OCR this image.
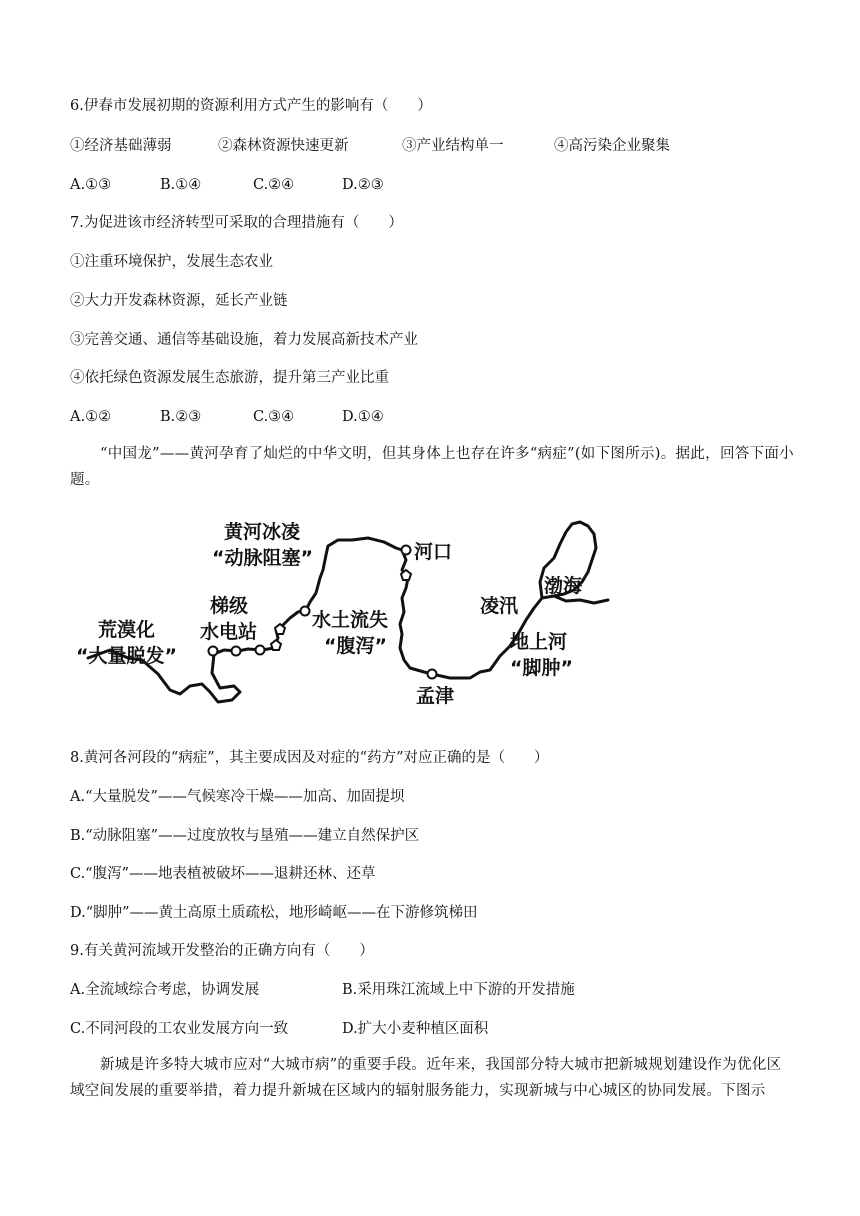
6.伊春市发展初期的资源利用方式产生的影响有（　　）
①经济基础薄弱	②森林资源快速更新	③产业结构单一	④高污染企业聚集
A.①③	B.①④	C.②④	D.②③
7.为促进该市经济转型可采取的合理措施有（　　）
①注重环境保护，发展生态农业
②大力开发森林资源，延长产业链
③完善交通、通信等基础设施，着力发展高新技术产业
④依托绿色资源发展生态旅游，提升第三产业比重
A.①②	B.②③	C.③④	D.①④
“中国龙”——黄河孕育了灿烂的中华文明，但其身体上也存在许多“病症”(如下图所示)。据此，回答下面小题。
黄河冰凌
“动脉阻塞”	河口
渤海
梯级
水电站
水土流失
“腹泻”
凌汛
荒漠化
“大量脱发”
地上河
“脚肿”
孟津
8.黄河各河段的“病症”，其主要成因及对症的“药方”对应正确的是（　　）
A.“大量脱发”——气候寒冷干燥——加高、加固提坝
B.“动脉阻塞”——过度放牧与垦殖——建立自然保护区
C.“腹泻”——地表植被破坏——退耕还林、还草
D.“脚肿”——黄土高原土质疏松，地形崎岖——在下游修筑梯田
9.有关黄河流域开发整治的正确方向有（　　）
A.全流域综合考虑，协调发展	B.采用珠江流域上中下游的开发措施
C.不同河段的工农业发展方向一致	D.扩大小麦种植区面积
新城是许多特大城市应对“大城市病”的重要手段。近年来，我国部分特大城市把新城规划建设作为优化区域空间发展的重要举措，着力提升新城在区域内的辐射服务能力，实现新城与中心城区的协同发展。下图示
